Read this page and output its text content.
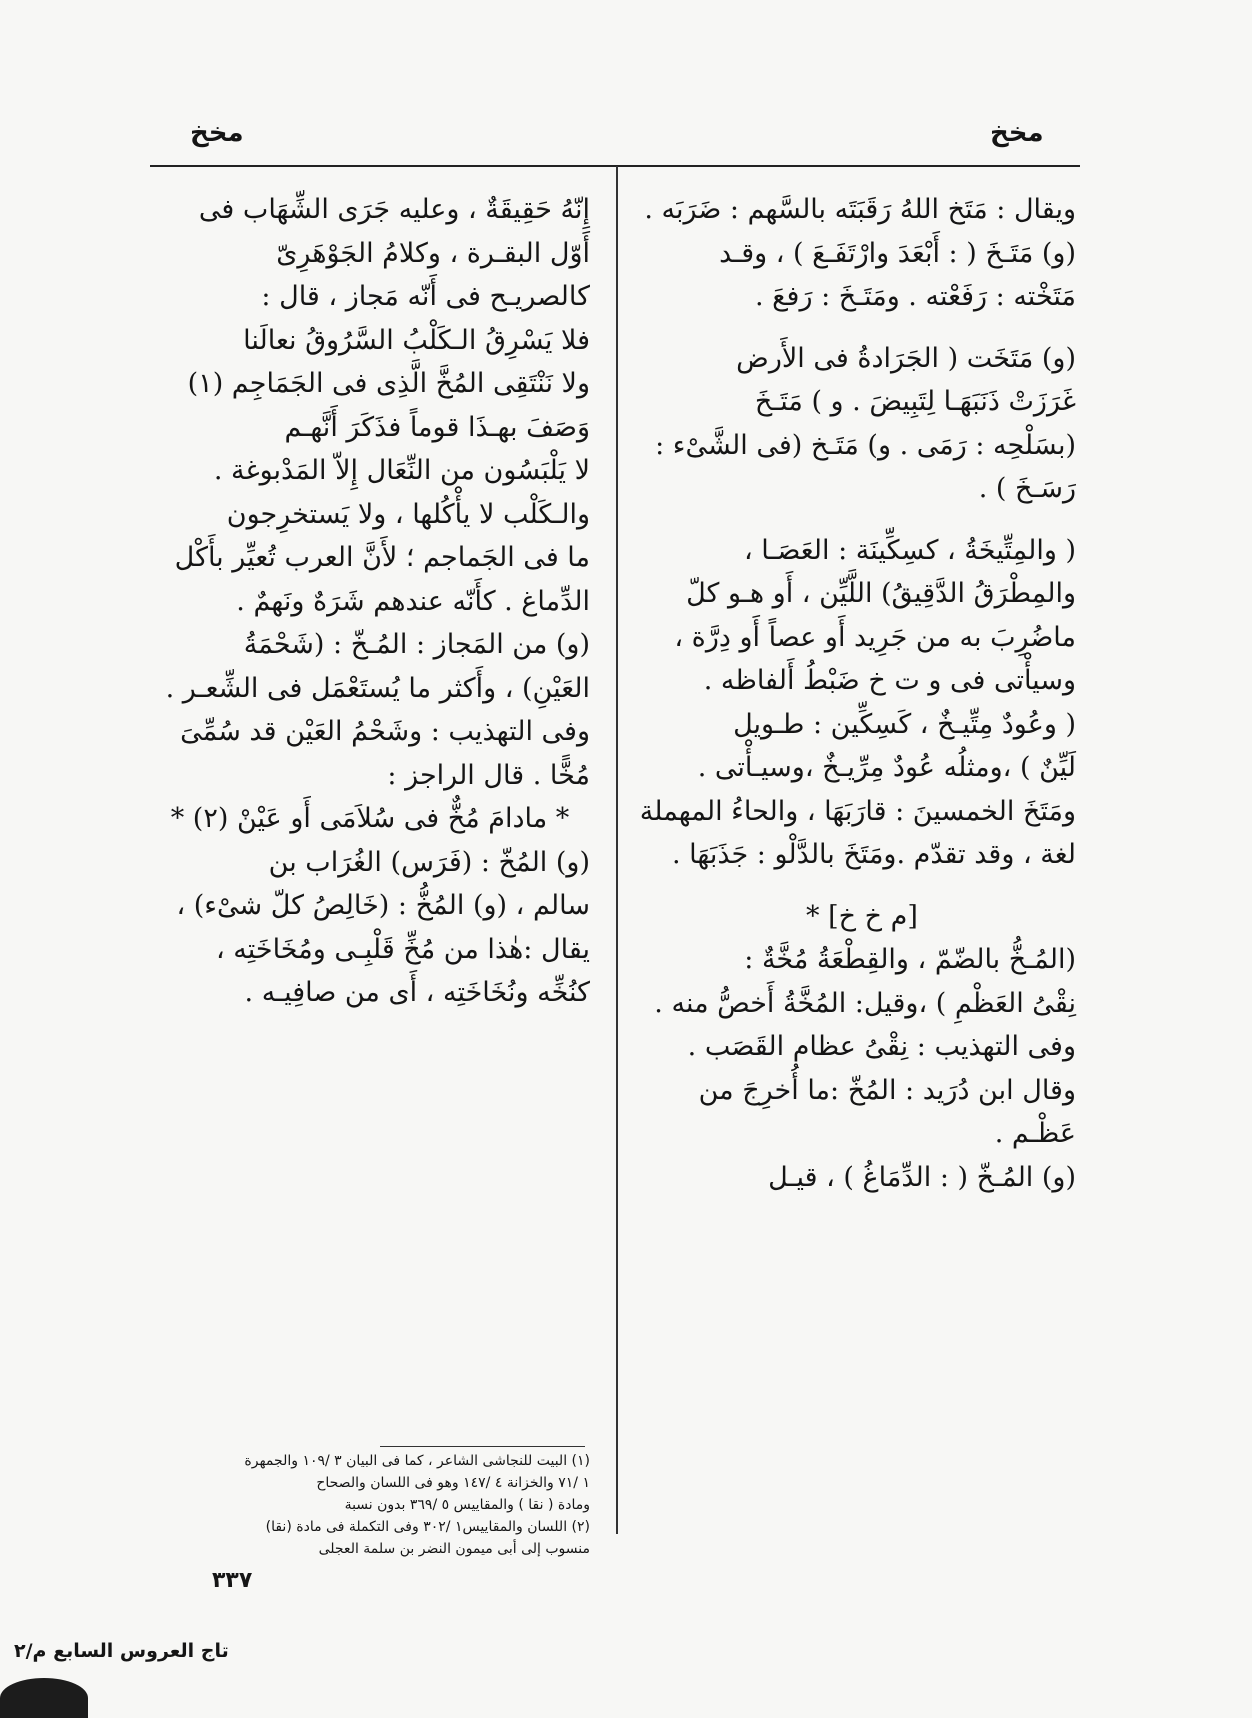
مخخ
مخخ
ويقال : مَتَخ اللهُ رَقَبَتَه بالسَّهم : ضَرَبَه .
(و) مَتَـخَ ( : أَبْعَدَ وارْتَفَـعَ ) ، وقـد
مَتَخْته : رَفَعْته . ومَتَـخَ : رَفعَ .
(و) مَتَخَت ( الجَرَادةُ فى الأَرض
غَرَزَتْ ذَنَبَهَـا لِتَبِيضَ . و ) مَتَـخَ
(بسَلْحِه : رَمَى . و) مَتَـخ (فى الشَّىْء :
رَسَـخَ ) .
( والمِتِّيخَةُ ، كسِكِّينَة : العَصَـا ،
والمِطْرَقُ الدَّقِيقُ) اللَّيِّن ، أَو هـو كلّ
ماضُرِبَ به من جَرِيد أَو عصاً أَو دِرَّة ،
وسيأْتى فى و ت خ ضَبْطُ أَلفاظه .
( وعُودٌ مِتِّيـخٌ ، كَسِكِّين : طـويل
لَيِّنٌ ) ،ومثلُه عُودٌ مِرِّيـخٌ ،وسيـأْتى .
ومَتَخَ الخمسينَ : قارَبَهَا ، والحاءُ المهملة
لغة ، وقد تقدّم .ومَتَخَ بالدَّلْو : جَذَبَهَا .
[م خ خ] *
(المُـخُّ بالضّمّ ، والقِطْعَةُ مُخَّةٌ :
نِقْىُ العَظْمِ ) ،وقيل: المُخَّةُ أَخصُّ منه .
وفى التهذيب : نِقْىُ عظام القَصَب .
وقال ابن دُرَيد : المُخّ :ما أُخرِجَ من
عَظْـم .
(و) المُـخّ ( : الدِّمَاغُ ) ، قيـل
إِنّهُ حَقِيقَةٌ ، وعليه جَرَى الشِّهَاب فى
أَوّل البقـرة ، وكلامُ الجَوْهَرِىّ
كالصريـح فى أَنّه مَجاز ، قال :
فلا يَسْرِقُ الـكَلْبُ السَّرُوقُ نعالَنا
ولا نَنْتَقِى المُخَّ الَّذِى فى الجَمَاجِم (١)
وَصَفَ بهـذَا قوماً فذَكَرَ أَنَّهـم
لا يَلْبَسُون من النِّعَال إِلاّ المَدْبوغة .
والـكَلْب لا يأْكُلها ، ولا يَستخرِجون
ما فى الجَماجم ؛ لأَنَّ العرب تُعيِّر بأَكْل
الدِّماغ . كأَنّه عندهم شَرَهٌ ونَهمٌ .
(و) من المَجاز : المُـخّ : (شَحْمَةُ
العَيْنِ) ، وأَكثر ما يُستَعْمَل فى الشِّعـر .
وفى التهذيب : وشَحْمُ العَيْن قد سُمِّىَ
مُخًّا . قال الراجز :
* مادامَ مُخٌّ فى سُلاَمَى أَو عَيْنْ (٢) *
(و) المُخّ : (فَرَس) الغُرَاب بن
سالم ، (و) المُخُّ : (خَالِصُ كلّ شىْء) ،
يقال :هٰذا من مُخِّ قَلْبِـى ومُخَاخَتِه ،
كنُخِّه ونُخَاخَتِه ، أَى من صافِيـه .
(١) البيت للنجاشى الشاعر ، كما فى البيان ٣ /١٠٩ والجمهرة
١ /٧١ والخزانة ٤ /١٤٧ وهو فى اللسان والصحاح
ومادة ( نقا ) والمقاييس ٥ /٣٦٩ بدون نسبة
(٢) اللسان والمقاييس١ /٣٠٢ وفى التكملة فى مادة (نقا)
منسوب إلى أبى ميمون النضر بن سلمة العجلى
٣٣٧
تاج العروس السابع م/٢
